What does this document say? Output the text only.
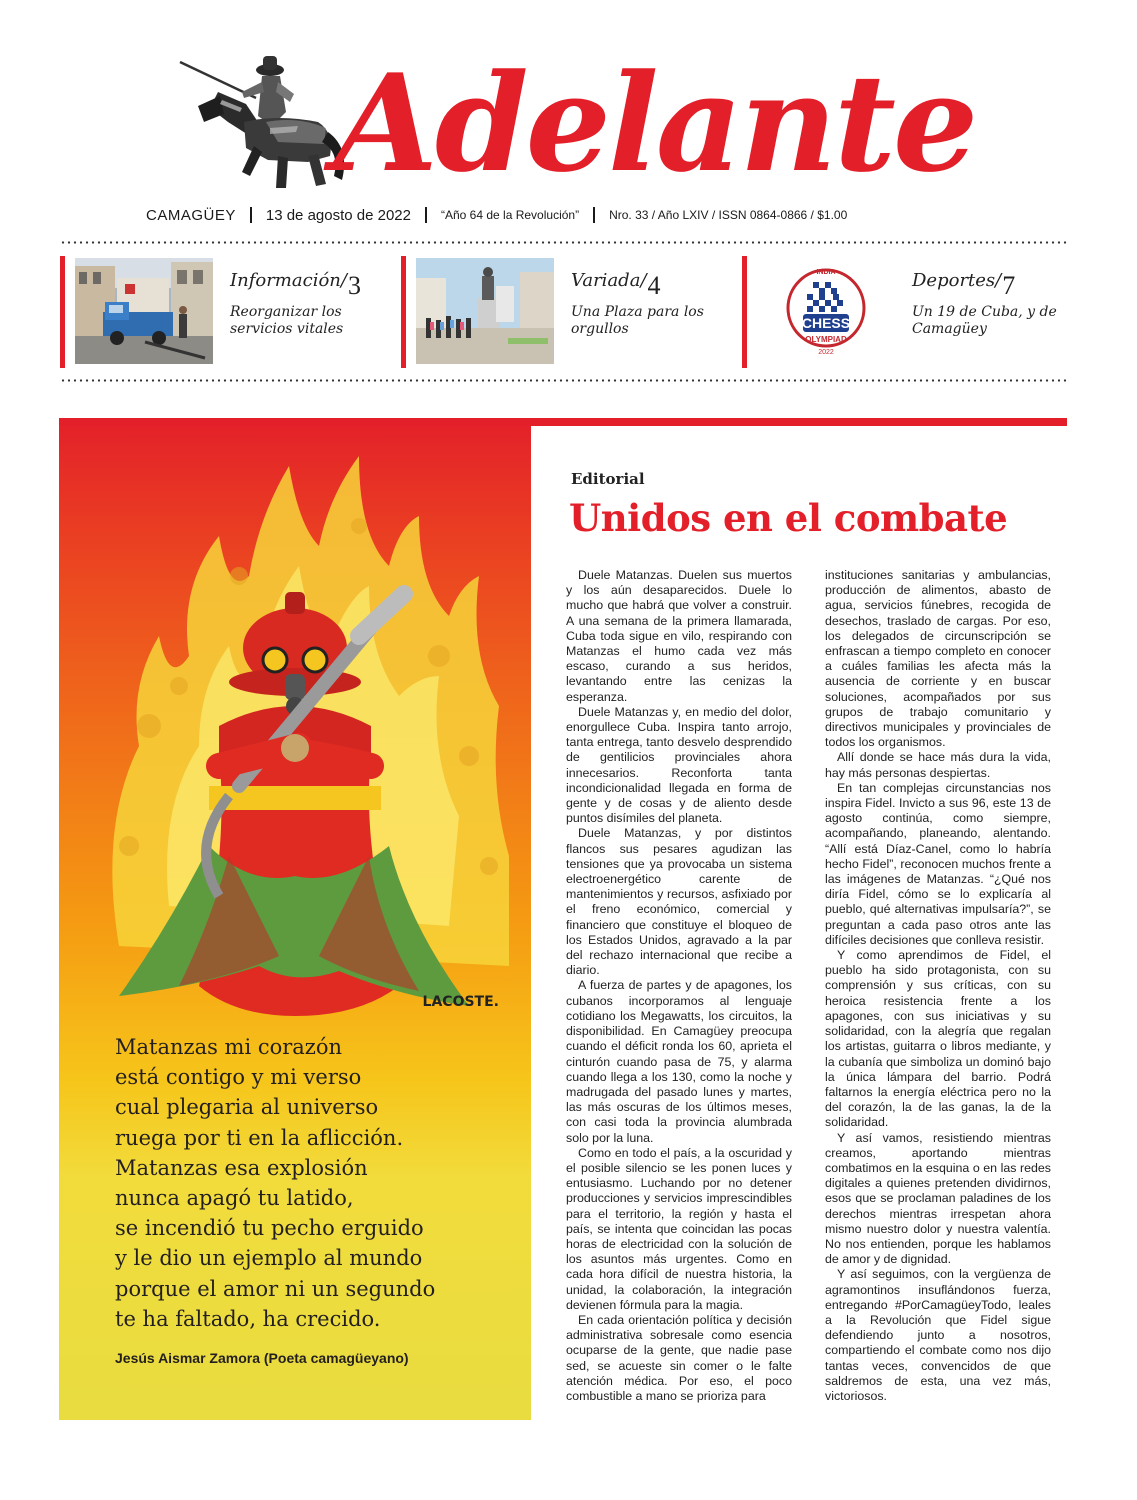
Adelante
CAMAGÜEY 13 de agosto de 2022	“Año 64 de la Revolución”	Nro. 33 / Año LXIV / ISSN 0864-0866 / $1.00
Información/3
Reorganizar los servicios vitales
Variada/4
Una Plaza para los orgullos	CHESS
INDIA
OLYMPIAD
2022
Deportes/7
Un 19 de Cuba, y de Camagüey
LACOSTE.
Matanzas mi corazón
está contigo y mi verso
cual plegaria al universo
ruega por ti en la aflicción.
Matanzas esa explosión
nunca apagó tu latido,
se incendió tu pecho erguido
y le dio un ejemplo al mundo
porque el amor ni un segundo
te ha faltado, ha crecido.
Jesús Aismar Zamora (Poeta camagüeyano)
Editorial
Unidos en el combate

Duele Matanzas. Duelen sus muertos y los aún desaparecidos. Duele lo mucho que habrá que volver a construir. A una semana de la primera llamarada, Cuba toda sigue en vilo, respirando con Matanzas el humo cada vez más escaso, curando a sus heridos, levantando entre las cenizas la esperanza.

Duele Matanzas y, en medio del dolor, enorgullece Cuba. Inspira tanto arrojo, tanta entrega, tanto desvelo desprendido de gentilicios provinciales ahora innecesarios. Reconforta tanta incondicionalidad llegada en forma de gente y de cosas y de aliento desde puntos disímiles del planeta.

Duele Matanzas, y por distintos flancos sus pesares agudizan las tensiones que ya provocaba un sistema electroenergético carente de mantenimientos y recursos, asfixiado por el freno económico, comercial y financiero que constituye el bloqueo de los Estados Unidos, agravado a la par del rechazo internacional que recibe a diario.

A fuerza de partes y de apagones, los cubanos incorporamos al lenguaje cotidiano los Megawatts, los circuitos, la disponibilidad. En Camagüey preocupa cuando el déficit ronda los 60, aprieta el cinturón cuando pasa de 75, y alarma cuando llega a los 130, como la noche y madrugada del pasado lunes y martes, las más oscuras de los últimos meses, con casi toda la provincia alumbrada solo por la luna.

Como en todo el país, a la oscuridad y el posible silencio se les ponen luces y entusiasmo. Luchando por no detener producciones y servicios imprescindibles para el territorio, la región y hasta el país, se intenta que coincidan las pocas horas de electricidad con la solución de los asuntos más urgentes. Como en cada hora difícil de nuestra historia, la unidad, la colaboración, la integración devienen fórmula para la magia.

En cada orientación política y decisión administrativa sobresale como esencia ocuparse de la gente, que nadie pase sed, se acueste sin comer o le falte atención médica. Por eso, el poco combustible a mano se prioriza para

instituciones sanitarias y ambulancias, producción de alimentos, abasto de agua, servicios fúnebres, recogida de desechos, traslado de cargas. Por eso, los delegados de circunscripción se enfrascan a tiempo completo en conocer a cuáles familias les afecta más la ausencia de corriente y en buscar soluciones, acompañados por sus grupos de trabajo comunitario y directivos municipales y provinciales de todos los organismos.

Allí donde se hace más dura la vida, hay más personas despiertas.

En tan complejas circunstancias nos inspira Fidel. Invicto a sus 96, este 13 de agosto continúa, como siempre, acompañando, planeando, alentando. “Allí está Díaz-Canel, como lo habría hecho Fidel”, reconocen muchos frente a las imágenes de Matanzas. “¿Qué nos diría Fidel, cómo se lo explicaría al pueblo, qué alternativas impulsaría?”, se preguntan a cada paso otros ante las difíciles decisiones que conlleva resistir.

Y como aprendimos de Fidel, el pueblo ha sido protagonista, con su comprensión y sus críticas, con su heroica resistencia frente a los apagones, con sus iniciativas y su solidaridad, con la alegría que regalan los artistas, guitarra o libros mediante, y la cubanía que simboliza un dominó bajo la única lámpara del barrio. Podrá faltarnos la energía eléctrica pero no la del corazón, la de las ganas, la de la solidaridad.

Y así vamos, resistiendo mientras creamos, aportando mientras combatimos en la esquina o en las redes digitales a quienes pretenden dividirnos, esos que se proclaman paladines de los derechos mientras irrespetan ahora mismo nuestro dolor y nuestra valentía. No nos entienden, porque les hablamos de amor y de dignidad.

Y así seguimos, con la vergüenza de agramontinos insuflándonos fuerza, entregando #PorCamagüeyTodo, leales a la Revolución que Fidel sigue defendiendo junto a nosotros, compartiendo el combate como nos dijo tantas veces, convencidos de que saldremos de esta, una vez más, victoriosos.
